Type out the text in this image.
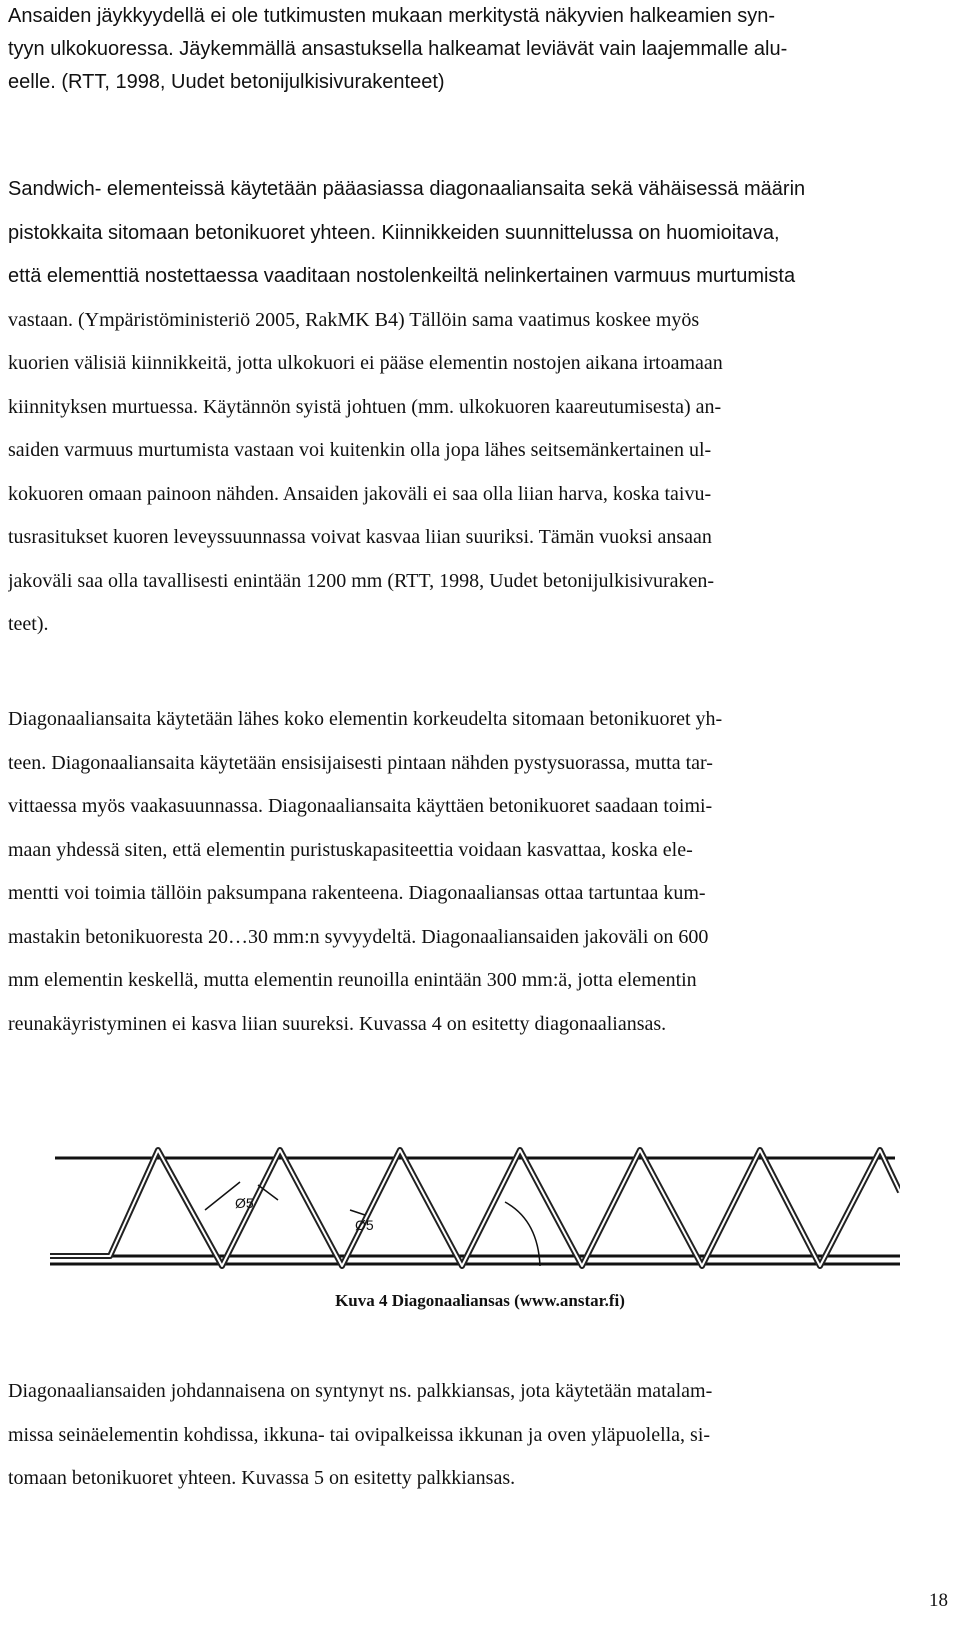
Ansaiden jäykkyydellä ei ole tutkimusten mukaan merkitystä näkyvien halkeamien syn-
tyyn ulkokuoressa. Jäykemmällä ansastuksella halkeamat leviävät vain laajemmalle alu-
eelle. (RTT, 1998, Uudet betonijulkisivurakenteet)
Sandwich- elementeissä käytetään pääasiassa diagonaaliansaita sekä vähäisessä määrin
pistokkaita sitomaan betonikuoret yhteen. Kiinnikkeiden suunnittelussa on huomioitava,
että elementtiä nostettaessa vaaditaan nostolenkeiltä nelinkertainen varmuus murtumista
vastaan. (Ympäristöministeriö 2005, RakMK B4) Tällöin sama vaatimus koskee myös
kuorien välisiä kiinnikkeitä, jotta ulkokuori ei pääse elementin nostojen aikana irtoamaan
kiinnityksen murtuessa. Käytännön syistä johtuen (mm. ulkokuoren kaareutumisesta) an-
saiden varmuus murtumista vastaan voi kuitenkin olla jopa lähes seitsemänkertainen ul-
kokuoren omaan painoon nähden. Ansaiden jakoväli ei saa olla liian harva, koska taivu-
tusrasitukset kuoren leveyssuunnassa voivat kasvaa liian suuriksi. Tämän vuoksi ansaan
jakoväli saa olla tavallisesti enintään 1200 mm (RTT, 1998, Uudet betonijulkisivuraken-
teet).
Diagonaaliansaita käytetään lähes koko elementin korkeudelta sitomaan betonikuoret yh-
teen. Diagonaaliansaita käytetään ensisijaisesti pintaan nähden pystysuorassa, mutta tar-
vittaessa myös vaakasuunnassa. Diagonaaliansaita käyttäen betonikuoret saadaan toimi-
maan yhdessä siten, että elementin puristuskapasiteettia voidaan kasvattaa, koska ele-
mentti voi toimia tällöin paksumpana rakenteena. Diagonaaliansas ottaa tartuntaa kum-
mastakin betonikuoresta 20…30 mm:n syvyydeltä. Diagonaaliansaiden jakoväli on 600
mm elementin keskellä, mutta elementin reunoilla enintään 300 mm:ä, jotta elementin
reunakäyristyminen ei kasva liian suureksi. Kuvassa 4 on esitetty diagonaaliansas.
Ø5
Ø5
Kuva 4 Diagonaaliansas (www.anstar.fi)
Diagonaaliansaiden johdannaisena on syntynyt ns. palkkiansas, jota käytetään matalam-
missa seinäelementin kohdissa, ikkuna- tai ovipalkeissa ikkunan ja oven yläpuolella, si-
tomaan betonikuoret yhteen. Kuvassa 5 on esitetty palkkiansas.
18
